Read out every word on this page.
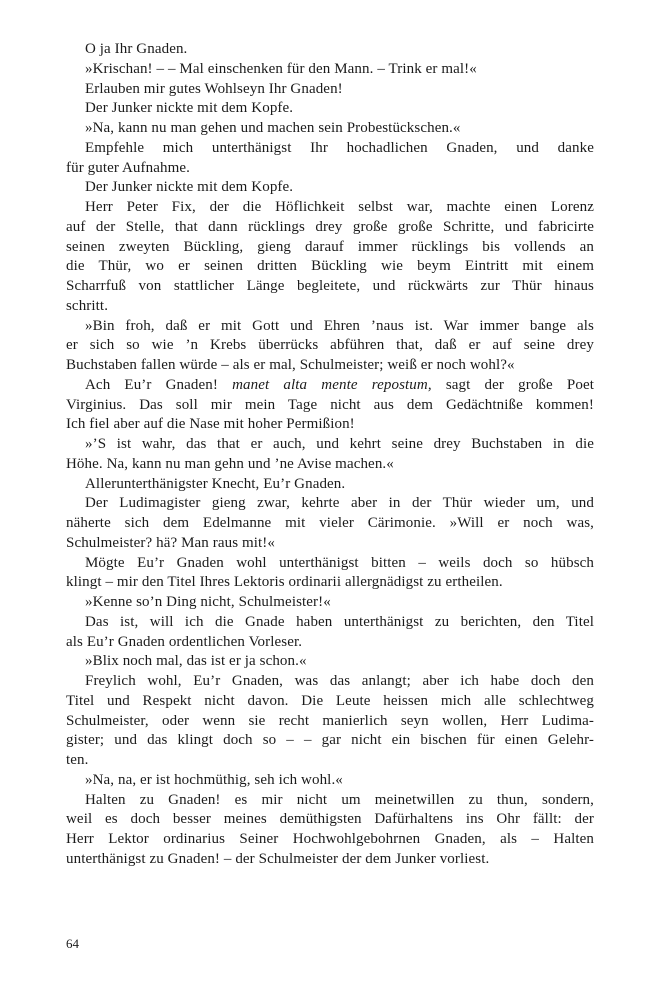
O ja Ihr Gnaden.
»Krischan! – – Mal einschenken für den Mann. – Trink er mal!«
Erlauben mir gutes Wohlseyn Ihr Gnaden!
Der Junker nickte mit dem Kopfe.
»Na, kann nu man gehen und machen sein Probestückschen.«
Empfehle mich unterthänigst Ihr hochadlichen Gnaden, und danke
für guter Aufnahme.
Der Junker nickte mit dem Kopfe.
Herr Peter Fix, der die Höflichkeit selbst war, machte einen Lorenz
auf der Stelle, that dann rücklings drey große große Schritte, und fabricirte
seinen zweyten Bückling, gieng darauf immer rücklings bis vollends an
die Thür, wo er seinen dritten Bückling wie beym Eintritt mit einem
Scharrfuß von stattlicher Länge begleitete, und rückwärts zur Thür hinaus
schritt.
»Bin froh, daß er mit Gott und Ehren ’naus ist. War immer bange als
er sich so wie ’n Krebs überrücks abführen that, daß er auf seine drey
Buchstaben fallen würde – als er mal, Schulmeister; weiß er noch wohl?«
Ach Eu’r Gnaden! manet alta mente repostum, sagt der große Poet
Virginius. Das soll mir mein Tage nicht aus dem Gedächtniße kommen!
Ich fiel aber auf die Nase mit hoher Permißion!
»’S ist wahr, das that er auch, und kehrt seine drey Buchstaben in die
Höhe. Na, kann nu man gehn und ’ne Avise machen.«
Allerunterthänigster Knecht, Eu’r Gnaden.
Der Ludimagister gieng zwar, kehrte aber in der Thür wieder um, und
näherte sich dem Edelmanne mit vieler Cärimonie. »Will er noch was,
Schulmeister? hä? Man raus mit!«
Mögte Eu’r Gnaden wohl unterthänigst bitten – weils doch so hübsch
klingt – mir den Titel Ihres Lektoris ordinarii allergnädigst zu ertheilen.
»Kenne so’n Ding nicht, Schulmeister!«
Das ist, will ich die Gnade haben unterthänigst zu berichten, den Titel
als Eu’r Gnaden ordentlichen Vorleser.
»Blix noch mal, das ist er ja schon.«
Freylich wohl, Eu’r Gnaden, was das anlangt; aber ich habe doch den
Titel und Respekt nicht davon. Die Leute heissen mich alle schlechtweg
Schulmeister, oder wenn sie recht manierlich seyn wollen, Herr Ludima-
gister; und das klingt doch so – – gar nicht ein bischen für einen Gelehr-
ten.
»Na, na, er ist hochmüthig, seh ich wohl.«
Halten zu Gnaden! es mir nicht um meinetwillen zu thun, sondern,
weil es doch besser meines demüthigsten Dafürhaltens ins Ohr fällt: der
Herr Lektor ordinarius Seiner Hochwohlgebohrnen Gnaden, als – Halten
unterthänigst zu Gnaden! – der Schulmeister der dem Junker vorliest.
64
